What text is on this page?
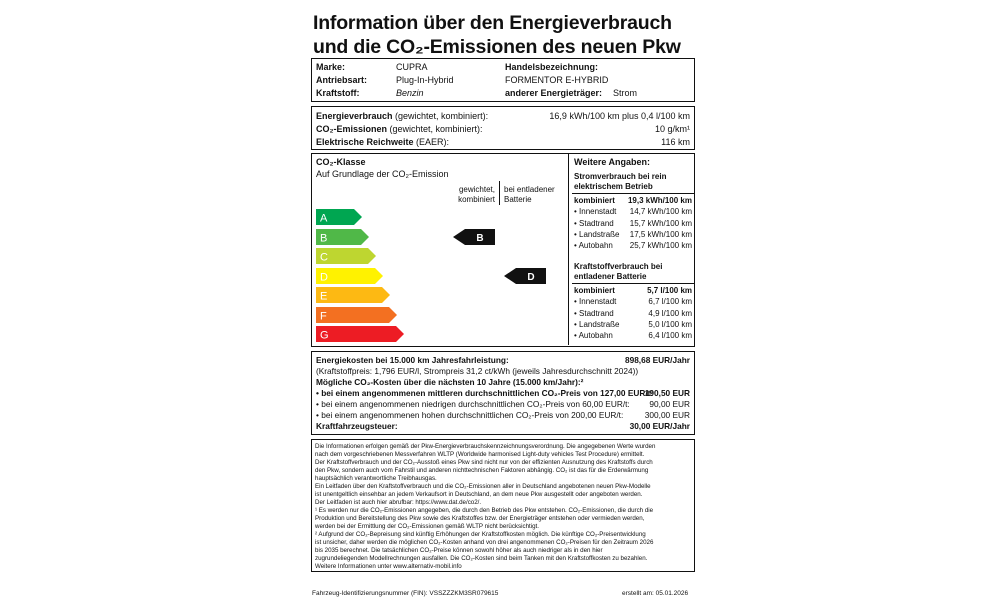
Information über den Energieverbrauch
und die CO₂-Emissionen des neuen Pkw
Marke:	CUPRA
Antriebsart:	Plug-In-Hybrid
Kraftstoff:	Benzin
Handelsbezeichnung:
FORMENTOR E-HYBRID
anderer Energieträger: Strom
Energieverbrauch (gewichtet, kombiniert):	16,9 kWh/100 km plus 0,4 l/100 km
CO₂-Emissionen (gewichtet, kombiniert):	10 g/km¹
Elektrische Reichweite (EAER):	116 km
CO₂-Klasse
Auf Grundlage der CO₂-Emission
gewichtet,
kombiniert
bei entladener
Batterie
A
B
C
D
E
F
G
B
D
Weitere Angaben:
Stromverbrauch bei rein
elektrischem Betrieb
kombiniert 19,3 kWh/100 km
• Innenstadt 14,7 kWh/100 km
• Stadtrand 15,7 kWh/100 km
• Landstraße 17,5 kWh/100 km
• Autobahn 25,7 kWh/100 km
Kraftstoffverbrauch bei
entladener Batterie
kombiniert	5,7 l/100 km
• Innenstadt	6,7 l/100 km
• Stadtrand	4,9 l/100 km
• Landstraße	5,0 l/100 km
• Autobahn	6,4 l/100 km
Energiekosten bei 15.000 km Jahresfahrleistung:	898,68 EUR/Jahr
(Kraftstoffpreis: 1,796 EUR/l, Strompreis 31,2 ct/kWh (jeweils Jahresdurchschnitt 2024))
Mögliche CO₂-Kosten über die nächsten 10 Jahre (15.000 km/Jahr):²
• bei einem angenommenen mittleren durchschnittlichen CO₂-Preis von 127,00 EUR/t:
190,50 EUR
• bei einem angenommenen niedrigen durchschnittlichen CO₂-Preis von 60,00 EUR/t: 90,00 EUR
• bei einem angenommenen hohen durchschnittlichen CO₂-Preis von 200,00 EUR/t:	300,00 EUR
Kraftfahrzeugsteuer:	30,00 EUR/Jahr
Die Informationen erfolgen gemäß der Pkw-Energieverbrauchskennzeichnungsverordnung. Die angegebenen Werte wurden
nach dem vorgeschriebenen Messverfahren WLTP (Worldwide harmonised Light-duty vehicles Test Procedure) ermittelt.
Der Kraftstoffverbrauch und der CO₂-Ausstoß eines Pkw sind nicht nur von der effizienten Ausnutzung des Kraftstoffs durch
den Pkw, sondern auch vom Fahrstil und anderen nichttechnischen Faktoren abhängig. CO₂ ist das für die Erderwärmung
hauptsächlich verantwortliche Treibhausgas.
Ein Leitfaden über den Kraftstoffverbrauch und die CO₂-Emissionen aller in Deutschland angebotenen neuen Pkw-Modelle
ist unentgeltlich einsehbar an jedem Verkaufsort in Deutschland, an dem neue Pkw ausgestellt oder angeboten werden.
Der Leitfaden ist auch hier abrufbar: https://www.dat.de/co2/.
¹ Es werden nur die CO₂-Emissionen angegeben, die durch den Betrieb des Pkw entstehen. CO₂-Emissionen, die durch die
Produktion und Bereitstellung des Pkw sowie des Kraftstoffes bzw. der Energieträger entstehen oder vermieden werden,
werden bei der Ermittlung der CO₂-Emissionen gemäß WLTP nicht berücksichtigt.
² Aufgrund der CO₂-Bepreisung sind künftig Erhöhungen der Kraftstoffkosten möglich. Die künftige CO₂-Preisentwicklung
ist unsicher, daher werden die möglichen CO₂-Kosten anhand von drei angenommenen CO₂-Preisen für den Zeitraum 2026
bis 2035 berechnet. Die tatsächlichen CO₂-Preise können sowohl höher als auch niedriger als in den hier
zugrundeliegenden Modellrechnungen ausfallen. Die CO₂-Kosten sind beim Tanken mit den Kraftstoffkosten zu bezahlen.
Weitere Informationen unter www.alternativ-mobil.info
Fahrzeug-Identifizierungsnummer (FIN): VSSZZZKM3SR079615	erstellt am: 05.01.2026
